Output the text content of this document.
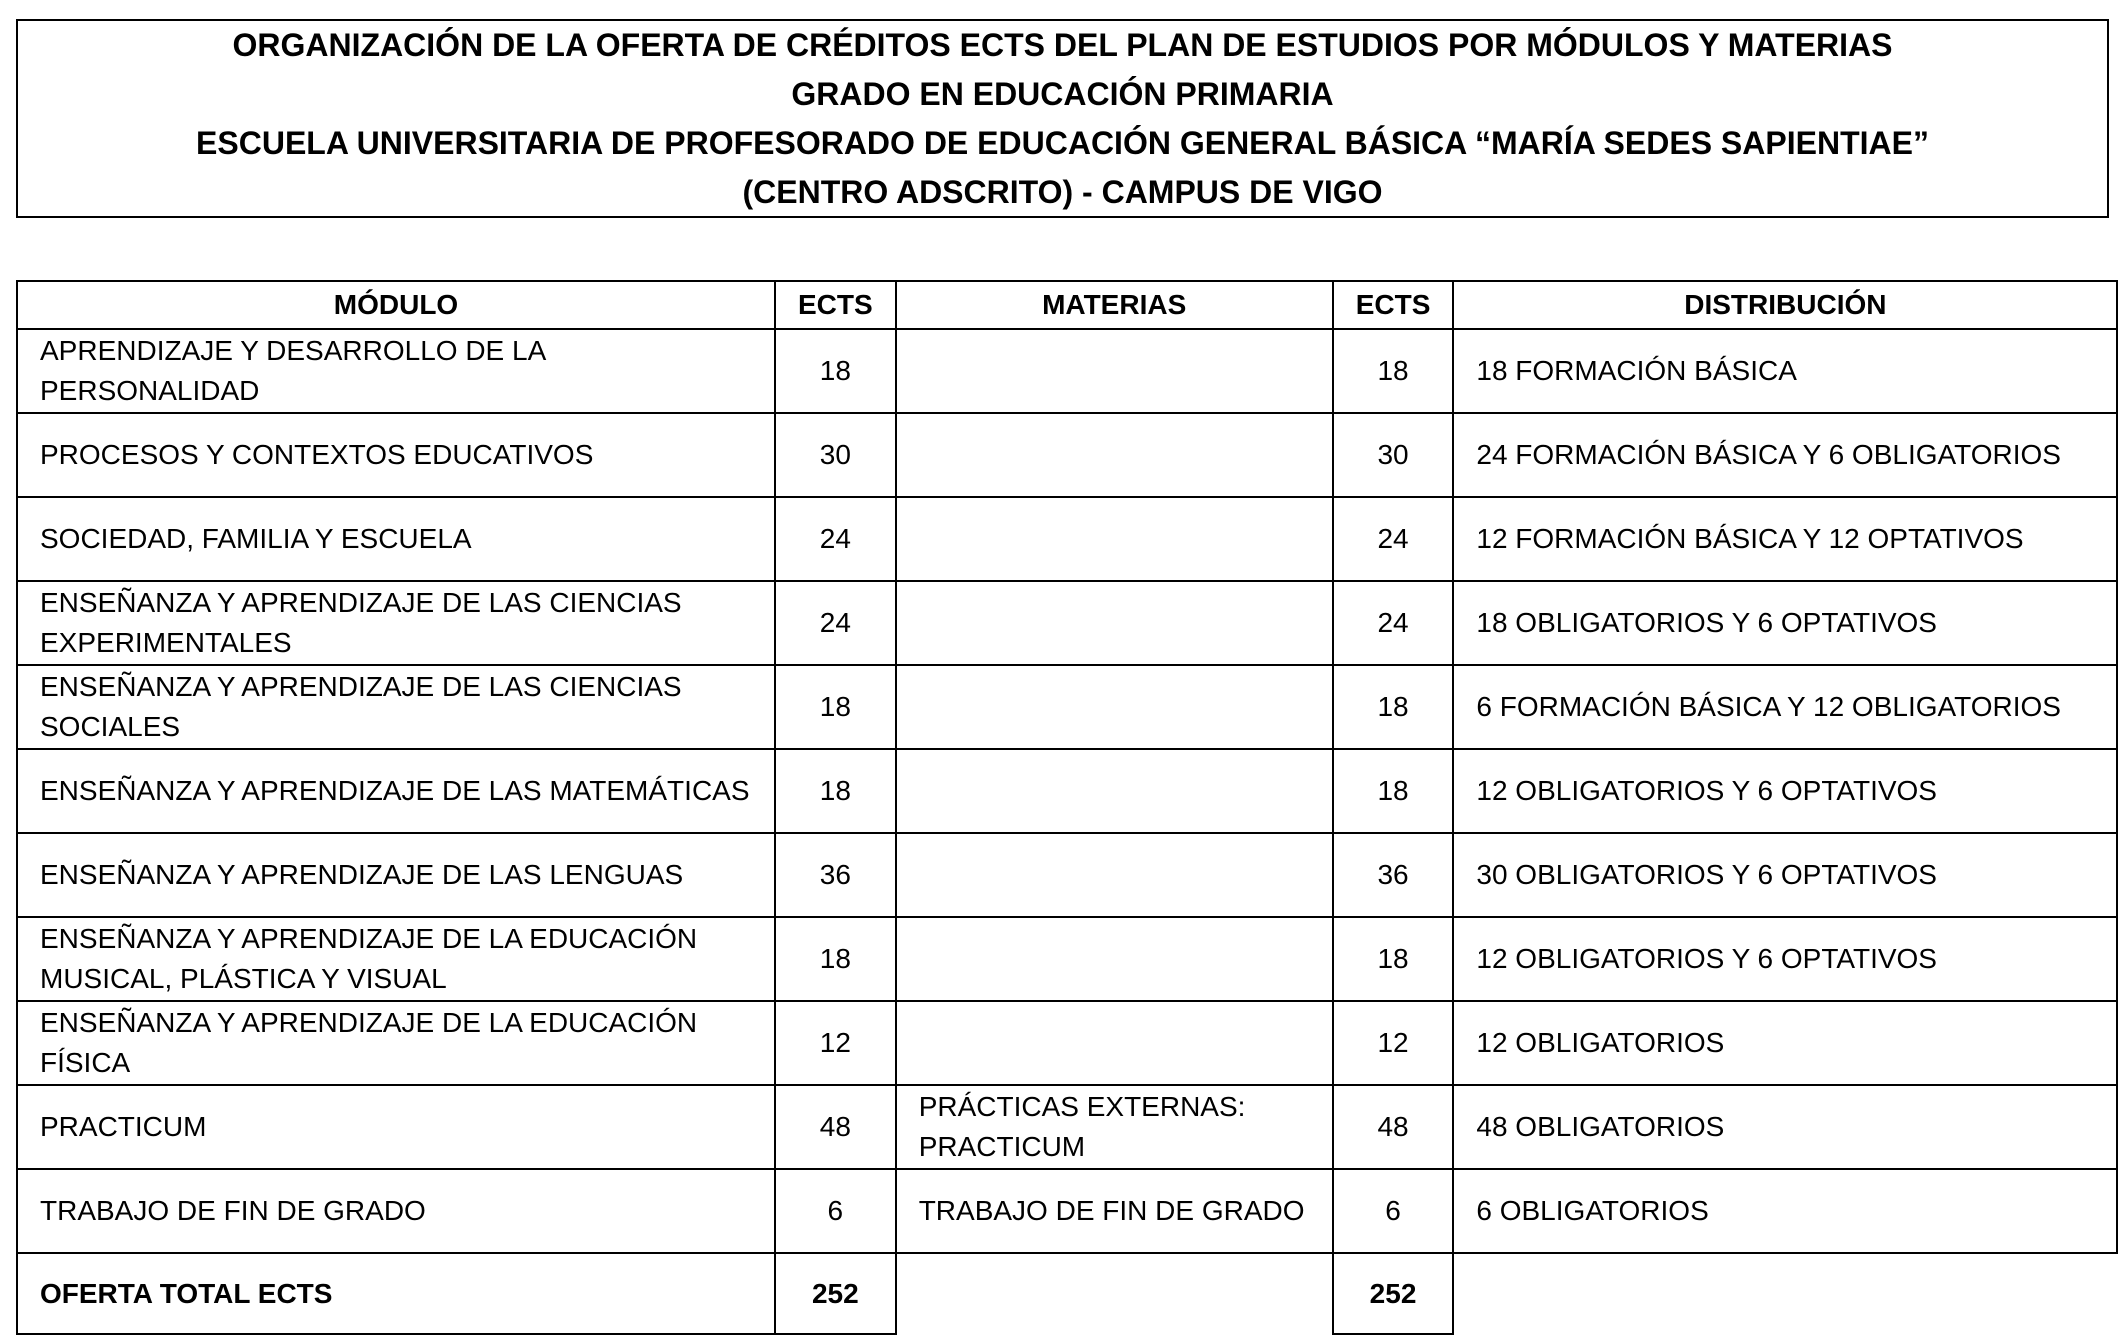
ORGANIZACIÓN DE LA OFERTA DE CRÉDITOS ECTS DEL PLAN DE ESTUDIOS POR MÓDULOS Y MATERIAS
GRADO EN EDUCACIÓN PRIMARIA
ESCUELA UNIVERSITARIA DE PROFESORADO DE EDUCACIÓN GENERAL BÁSICA “MARÍA SEDES SAPIENTIAE”
(CENTRO ADSCRITO) - CAMPUS DE VIGO
MÓDULO	ECTS	MATERIAS	ECTS	DISTRIBUCIÓN
APRENDIZAJE Y DESARROLLO DE LA PERSONALIDAD	18		18	18 FORMACIÓN BÁSICA
PROCESOS Y CONTEXTOS EDUCATIVOS	30		30	24 FORMACIÓN BÁSICA Y 6 OBLIGATORIOS
SOCIEDAD, FAMILIA Y ESCUELA	24		24	12 FORMACIÓN BÁSICA Y 12 OPTATIVOS
ENSEÑANZA Y APRENDIZAJE DE LAS CIENCIAS EXPERIMENTALES	24		24	18 OBLIGATORIOS Y 6 OPTATIVOS
ENSEÑANZA Y APRENDIZAJE DE LAS CIENCIAS SOCIALES	18		18	6 FORMACIÓN BÁSICA Y 12 OBLIGATORIOS
ENSEÑANZA Y APRENDIZAJE DE LAS MATEMÁTICAS	18		18	12 OBLIGATORIOS Y 6 OPTATIVOS
ENSEÑANZA Y APRENDIZAJE DE LAS LENGUAS	36		36	30 OBLIGATORIOS Y 6 OPTATIVOS
ENSEÑANZA Y APRENDIZAJE DE LA EDUCACIÓN MUSICAL, PLÁSTICA Y VISUAL	18		18	12 OBLIGATORIOS Y 6 OPTATIVOS
ENSEÑANZA Y APRENDIZAJE DE LA EDUCACIÓN FÍSICA	12		12	12 OBLIGATORIOS
PRACTICUM	48	PRÁCTICAS EXTERNAS: PRACTICUM	48	48 OBLIGATORIOS
TRABAJO DE FIN DE GRADO	6	TRABAJO DE FIN DE GRADO	6	6 OBLIGATORIOS
OFERTA TOTAL ECTS	252		252	
